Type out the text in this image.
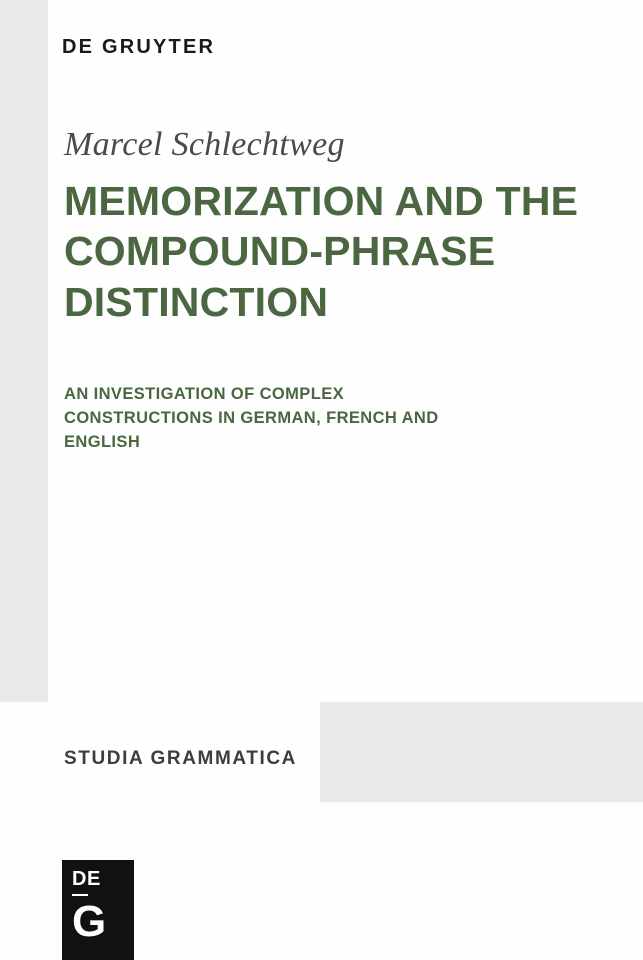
DE GRUYTER
Marcel Schlechtweg
MEMORIZATION AND THE COMPOUND-PHRASE DISTINCTION
AN INVESTIGATION OF COMPLEX CONSTRUCTIONS IN GERMAN, FRENCH AND ENGLISH
STUDIA GRAMMATICA
DE
G
